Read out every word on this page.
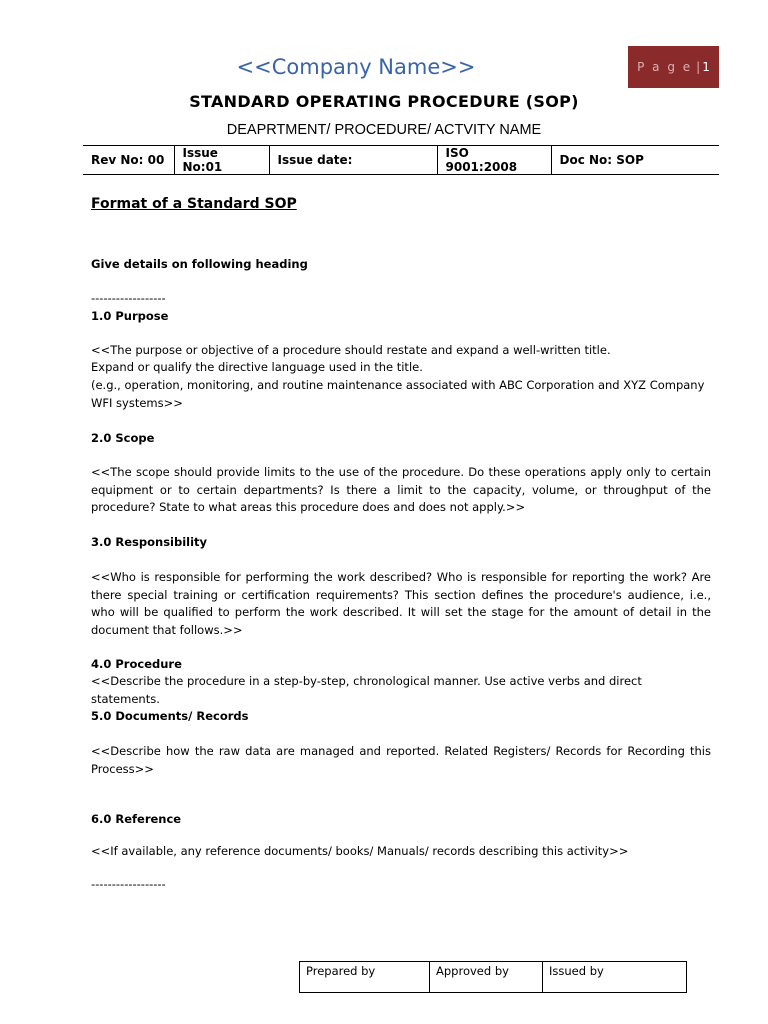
<<Company Name>>	P a g e | 1
STANDARD OPERATING PROCEDURE (SOP)
DEAPRTMENT/ PROCEDURE/ ACTVITY NAME
Rev No: 00	Issue No:01	Issue date:	ISO 9001:2008	Doc No: SOP
Format of a Standard SOP
Give details on following heading
------------------
1.0 Purpose
<<The purpose or objective of a procedure should restate and expand a well-written title.
Expand or qualify the directive language used in the title.
(e.g., operation, monitoring, and routine maintenance associated with ABC Corporation and XYZ Company WFI systems>>
2.0 Scope
<<The scope should provide limits to the use of the procedure. Do these operations apply only to certain equipment or to certain departments? Is there a limit to the capacity, volume, or throughput of the procedure? State to what areas this procedure does and does not apply.>>
3.0 Responsibility
<<Who is responsible for performing the work described? Who is responsible for reporting the work? Are there special training or certification requirements? This section defines the procedure's audience, i.e., who will be qualified to perform the work described. It will set the stage for the amount of detail in the document that follows.>>
4.0 Procedure
<<Describe the procedure in a step-by-step, chronological manner. Use active verbs and direct statements.
5.0 Documents/ Records
<<Describe how the raw data are managed and reported. Related Registers/ Records for Recording this Process>>
6.0 Reference
<<If available, any reference documents/ books/ Manuals/ records describing this activity>>
------------------
Prepared by	Approved by	Issued by
